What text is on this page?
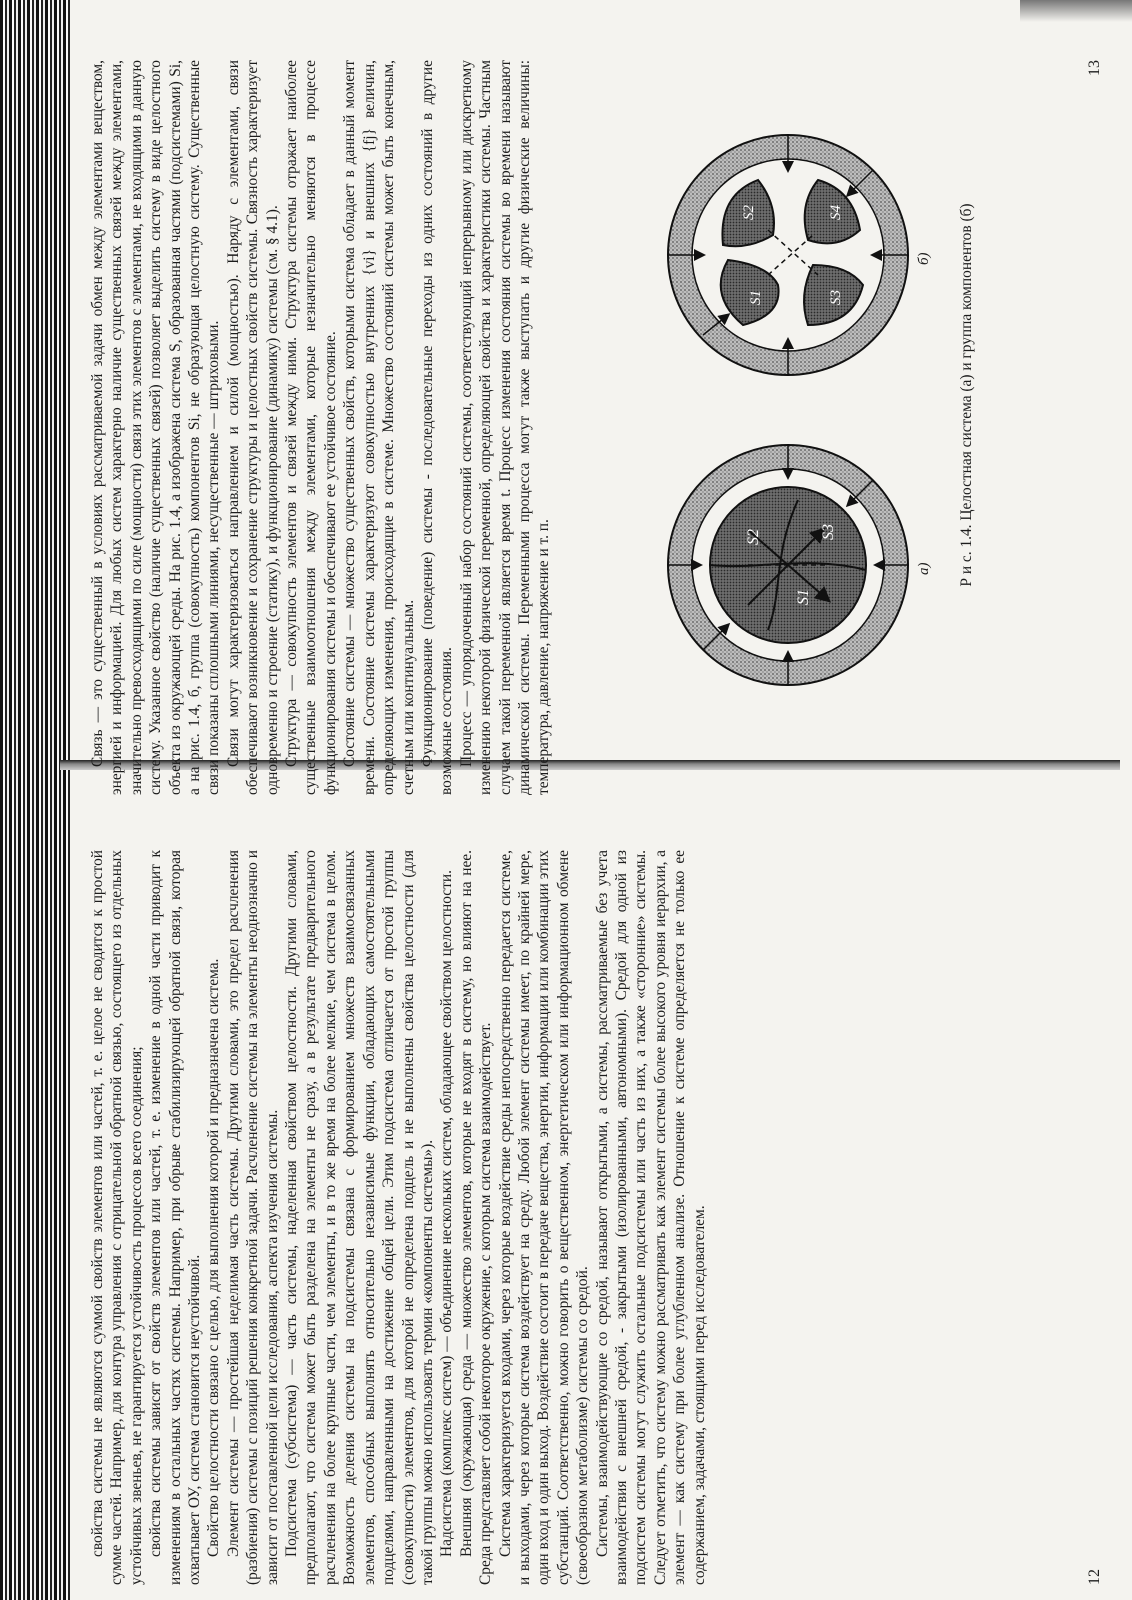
свойства системы не являются суммой свойств элементов или частей, т. е. целое не сводится к простой сумме частей. Например, для контура управления с отрицательной обратной связью, состоящего из отдельных устойчивых звеньев, не гарантируется устойчивость процессов всего соединения; свойства системы зависят от свойств элементов или частей, т. е. изменение в одной части приводит к изменениям в остальных частях системы. Например, при обрыве стабилизирующей обратной связи, которая охватывает ОУ, система становится неустойчивой. Свойство целостности связано с целью, для выполнения которой и предназначена система. Элемент системы — простейшая неделимая часть системы. Другими словами, это предел расчленения (разбиения) системы с позиций решения конкретной задачи. Расчленение системы на элементы неоднозначно и зависит от поставленной цели исследования, аспекта изучения системы. Подсистема (субсистема) — часть системы, наделенная свойством целостности. Другими словами, предполагают, что система может быть разделена на элементы не сразу, а в результате предварительного расчленения на более крупные части, чем элементы, и в то же время на более мелкие, чем система в целом. Возможность деления системы на подсистемы связана с формированием множеств взаимосвязанных элементов, способных выполнять относительно независимые функции, обладающих самостоятельными подцелями, направленными на достижение общей цели. Этим подсистема отличается от простой группы (совокупности) элементов, для которой не определена подцель и не выполнены свойства целостности (для такой группы можно использовать термин «компоненты системы»). Надсистема (комплекс систем) — объединение нескольких систем, обладающее свойством целостности. Внешняя (окружающая) среда — множество элементов, которые не входят в систему, но влияют на нее. Среда представляет собой некоторое окружение, с которым система взаимодействует. Система характеризуется входами, через которые воздействие среды непосредственно передается системе, и выходами, через которые система воздействует на среду. Любой элемент системы имеет, по крайней мере, один вход и один выход. Воздействие состоит в передаче вещества, энергии, информации или комбинации этих субстанций. Соответственно, можно говорить о вещественном, энергетическом или информационном обмене (своеобразном метаболизме) системы со средой. Системы, взаимодействующие со средой, называют открытыми, а системы, рассматриваемые без учета взаимодействия с внешней средой, - закрытыми (изолированными, автономными). Средой для одной из подсистем системы могут служить остальные подсистемы или часть из них, а также «сторонние» системы. Следует отметить, что систему можно рассматривать как элемент системы более высокого уровня иерархии, а элемент — как систему при более углубленном анализе. Отношение к системе определяется не только ее содержанием, задачами, стоящими перед исследователем.	12

Связь — это существенный в условиях рассматриваемой задачи обмен между элементами веществом, энергией и информацией. Для любых систем характерно наличие существенных связей между элементами, значительно превосходящими по силе (мощности) связи этих элементов с элементами, не входящими в данную систему. Указанное свойство (наличие существенных связей) позволяет выделить систему в виде целостного объекта из окружающей среды. На рис. 1.4, а изображена система S, образованная частями (подсистемами) Si, а на рис. 1.4, б, группа (совокупность) компонентов Si, не образующая целостную систему. Существенные связи показаны сплошными линиями, несущественные — штриховыми. Связи могут характеризоваться направлением и силой (мощностью). Наряду с элементами, связи обеспечивают возникновение и сохранение структуры и целостных свойств системы. Связность характеризует одновременно и строение (статику), и функционирование (динамику) системы (см. § 4.1). Структура — совокупность элементов и связей между ними. Структура системы отражает наиболее существенные взаимоотношения между элементами, которые незначительно меняются в процессе функционирования системы и обеспечивают ее устойчивое состояние. Состояние системы — множество существенных свойств, которыми система обладает в данный момент времени. Состояние системы характеризуют совокупностью внутренних {vi} и внешних {fj} величин, определяющих изменения, происходящие в системе. Множество состояний системы может быть конечным, счетным или континуальным. Функционирование (поведение) системы - последовательные переходы из одних состояний в другие возможные состояния. Процесс — упорядоченный набор состояний системы, соответствующий непрерывному или дискретному изменению некоторой физической переменной, определяющей свойства и характеристики системы. Частным случаем такой переменной является время t. Процесс изменения состояния системы во времени называют динамической системы. Переменными процесса могут также выступать и другие физические величины: температура, давление, напряжение и т. п.	S1
S2	S3
S1
S2
S3
S4
а)
б) Р и с. 1.4. Целостная система (а) и группа компонентов (б)
13
